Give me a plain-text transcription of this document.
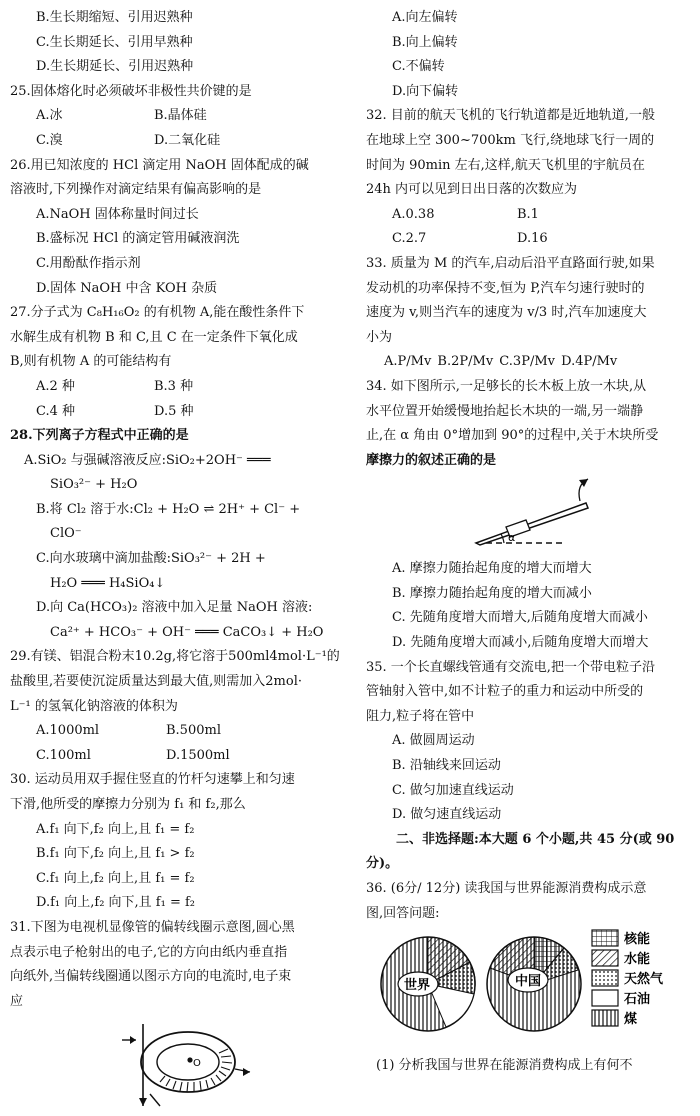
B.生长期缩短、引用迟熟种
C.生长期延长、引用早熟种
D.生长期延长、引用迟熟种
25.固体熔化时必须破坏非极性共价键的是
A.冰	B.晶体硅
C.溴	D.二氧化硅
26.用已知浓度的 HCl 滴定用 NaOH 固体配成的碱
溶液时,下列操作对滴定结果有偏高影响的是
A.NaOH 固体称量时间过长
B.盛标况 HCl 的滴定管用碱液润洗
C.用酚酞作指示剂
D.固体 NaOH 中含 KOH 杂质
27.分子式为 C₈H₁₆O₂ 的有机物 A,能在酸性条件下
水解生成有机物 B 和 C,且 C 在一定条件下氧化成
B,则有机物 A 的可能结构有
A.2 种	B.3 种
C.4 种	D.5 种
28.下列离子方程式中正确的是
A.SiO₂ 与强碱溶液反应:SiO₂+2OH⁻ ═══
SiO₃²⁻ + H₂O
B.将 Cl₂ 溶于水:Cl₂ + H₂O ⇌ 2H⁺ + Cl⁻ +
ClO⁻
C.向水玻璃中滴加盐酸:SiO₃²⁻ + 2H +
H₂O ═══ H₄SiO₄↓
D.向 Ca(HCO₃)₂ 溶液中加入足量 NaOH 溶液:
Ca²⁺ + HCO₃⁻ + OH⁻ ═══ CaCO₃↓ + H₂O
29.有镁、铝混合粉末10.2g,将它溶于500ml4mol·L⁻¹的
盐酸里,若要使沉淀质量达到最大值,则需加入2mol·
L⁻¹ 的氢氧化钠溶液的体积为
A.1000ml	B.500ml
C.100ml	D.1500ml
30. 运动员用双手握住竖直的竹杆匀速攀上和匀速
下滑,他所受的摩擦力分别为 f₁ 和 f₂,那么
A.f₁ 向下,f₂ 向上,且 f₁ = f₂
B.f₁ 向下,f₂ 向上,且 f₁ > f₂
C.f₁ 向上,f₂ 向上,且 f₁ = f₂
D.f₁ 向上,f₂ 向下,且 f₁ = f₂
31.下图为电视机显像管的偏转线圈示意图,圆心黑
点表示电子枪射出的电子,它的方向由纸内垂直指
向纸外,当偏转线圈通以图示方向的电流时,电子束
应
O
A.向左偏转
B.向上偏转
C.不偏转
D.向下偏转
32. 目前的航天飞机的飞行轨道都是近地轨道,一般
在地球上空 300~700km 飞行,绕地球飞行一周的
时间为 90min 左右,这样,航天飞机里的宇航员在
24h 内可以见到日出日落的次数应为
A.0.38	B.1
C.2.7	D.16
33. 质量为 M 的汽车,启动后沿平直路面行驶,如果
发动机的功率保持不变,恒为 P,汽车匀速行驶时的
速度为 v,则当汽车的速度为 v/3 时,汽车加速度大
小为
A.P/Mv B.2P/Mv C.3P/Mv D.4P/Mv
34. 如下图所示,一足够长的长木板上放一木块,从
水平位置开始缓慢地抬起长木块的一端,另一端静
止,在 α 角由 0°增加到 90°的过程中,关于木块所受
摩擦力的叙述正确的是
α
A. 摩擦力随抬起角度的增大而增大
B. 摩擦力随抬起角度的增大而减小
C. 先随角度增大而增大,后随角度增大而减小
D. 先随角度增大而减小,后随角度增大而增大
35. 一个长直螺线管通有交流电,把一个带电粒子沿
管轴射入管中,如不计粒子的重力和运动中所受的
阻力,粒子将在管中
A. 做圆周运动
B. 沿轴线来回运动
C. 做匀加速直线运动
D. 做匀速直线运动
二、非选择题:本大题 6 个小题,共 45 分(或 90
分)。
36. (6分/ 12分) 读我国与世界能源消费构成示意
图,回答问题:
世界	中国
核能
水能
天然气
石油
煤
(1) 分析我国与世界在能源消费构成上有何不
